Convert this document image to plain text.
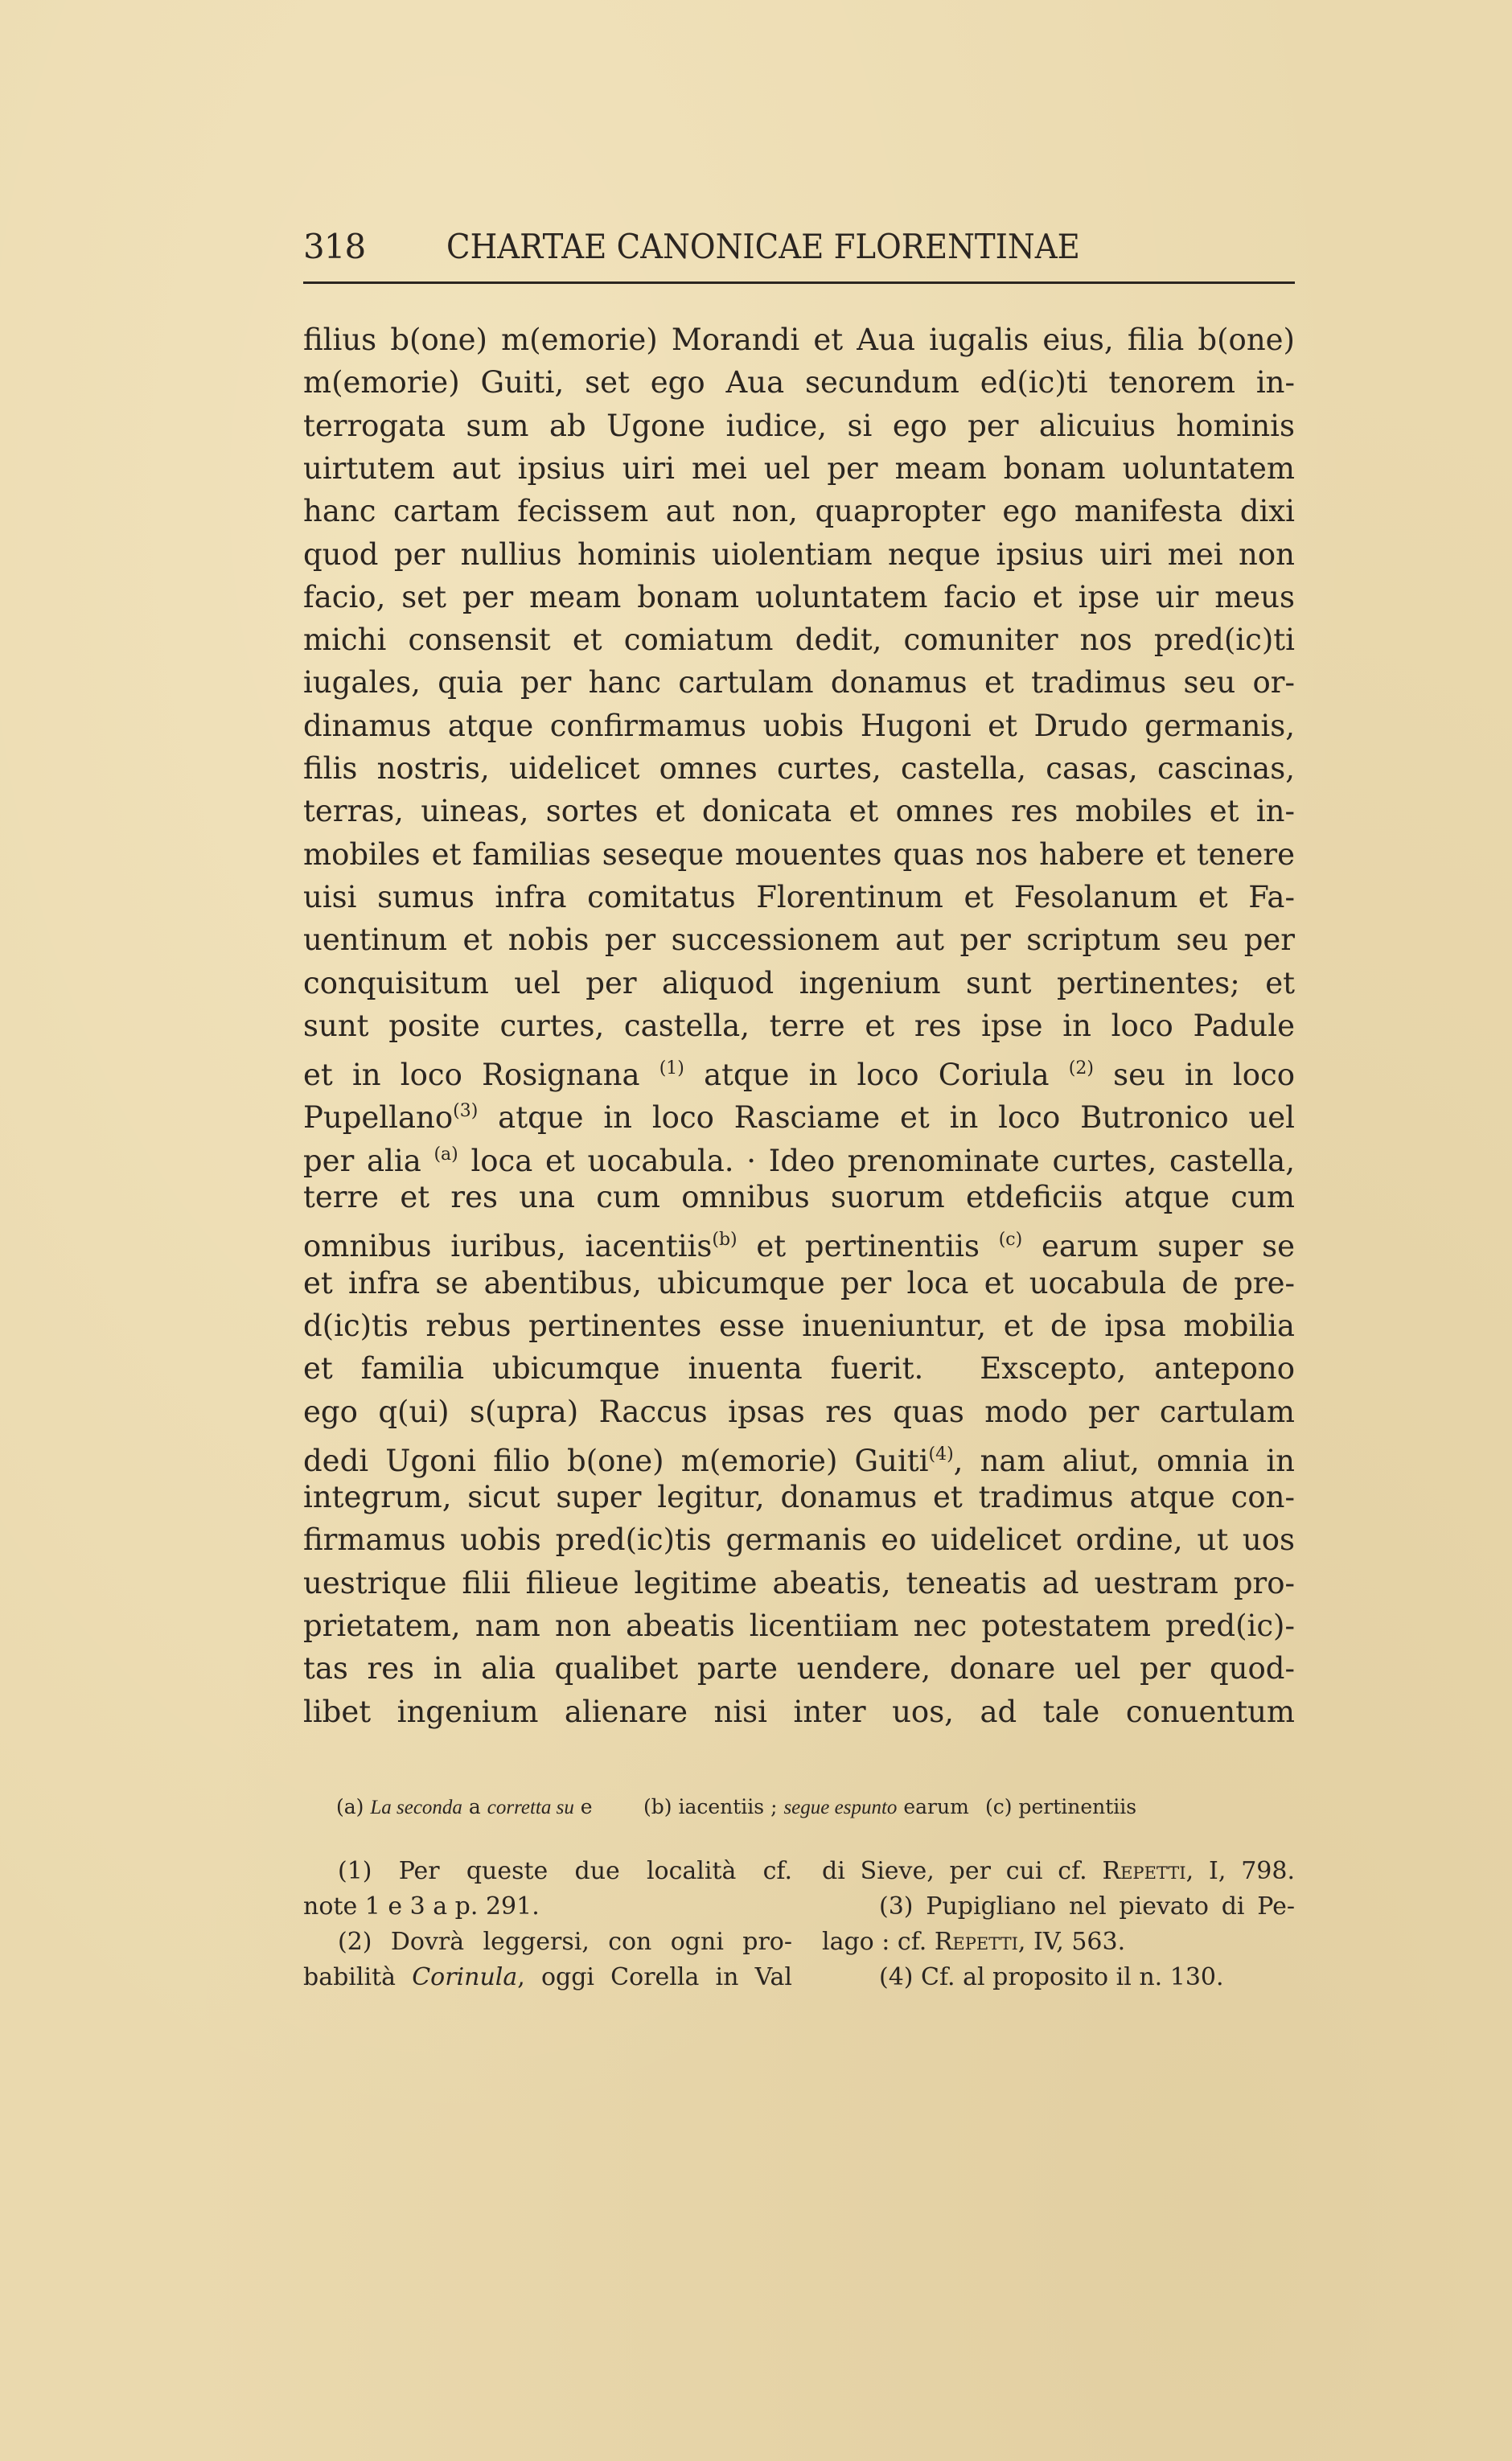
318 CHARTAE CANONICAE FLORENTINAE
filius b(one) m(emorie) Morandi et Aua iugalis eius, filia b(one)
m(emorie) Guiti, set ego Aua secundum ed(ic)ti tenorem in-
terrogata sum ab Ugone iudice, si ego per alicuius hominis
uirtutem aut ipsius uiri mei uel per meam bonam uoluntatem
hanc cartam fecissem aut non, quapropter ego manifesta dixi
quod per nullius hominis uiolentiam neque ipsius uiri mei non
facio, set per meam bonam uoluntatem facio et ipse uir meus
michi consensit et comiatum dedit, comuniter nos pred(ic)ti
iugales, quia per hanc cartulam donamus et tradimus seu or-
dinamus atque confirmamus uobis Hugoni et Drudo germanis,
filis nostris, uidelicet omnes curtes, castella, casas, cascinas,
terras, uineas, sortes et donicata et omnes res mobiles et in-
mobiles et familias seseque mouentes quas nos habere et tenere
uisi sumus infra comitatus Florentinum et Fesolanum et Fa-
uentinum et nobis per successionem aut per scriptum seu per
conquisitum uel per aliquod ingenium sunt pertinentes; et
sunt posite curtes, castella, terre et res ipse in loco Padule
et in loco Rosignana $^{(1)}$ atque in loco Coriula $^{(2)}$ seu in loco
Pupellano$^{(3)}$ atque in loco Rasciame et in loco Butronico uel
per alia $^{(a)}$ loca et uocabula. · Ideo prenominate curtes, castella,
terre et res una cum omnibus suorum etdeficiis atque cum
omnibus iuribus, iacentiis$^{(b)}$ et pertinentiis $^{(c)}$ earum super se
et infra se abentibus, ubicumque per loca et uocabula de pre-
d(ic)tis rebus pertinentes esse inueniuntur, et de ipsa mobilia
et familia ubicumque inuenta fuerit.  Exscepto, antepono
ego q(ui) s(upra) Raccus ipsas res quas modo per cartulam
dedi Ugoni filio b(one) m(emorie) Guiti$^{(4)}$, nam aliut, omnia in
integrum, sicut super legitur, donamus et tradimus atque con-
firmamus uobis pred(ic)tis germanis eo uidelicet ordine, ut uos
uestrique filii filieue legitime abeatis, teneatis ad uestram pro-
prietatem, nam non abeatis licentiiam nec potestatem pred(ic)-
tas res in alia qualibet parte uendere, donare uel per quod-
libet ingenium alienare nisi inter uos, ad tale conuentum
(a) La seconda a corretta su e	(b) iacentiis ; segue espunto earum (c) pertinentiis
(1) Per queste due località cf.
note 1 e 3 a p. 291.
(2) Dovrà leggersi, con ogni pro-
babilità Corinula, oggi Corella in Val
di Sieve, per cui cf. Repetti, I, 798.
(3) Pupigliano nel pievato di Pe-
lago : cf. Repetti, IV, 563.
(4) Cf. al proposito il n. 130.
